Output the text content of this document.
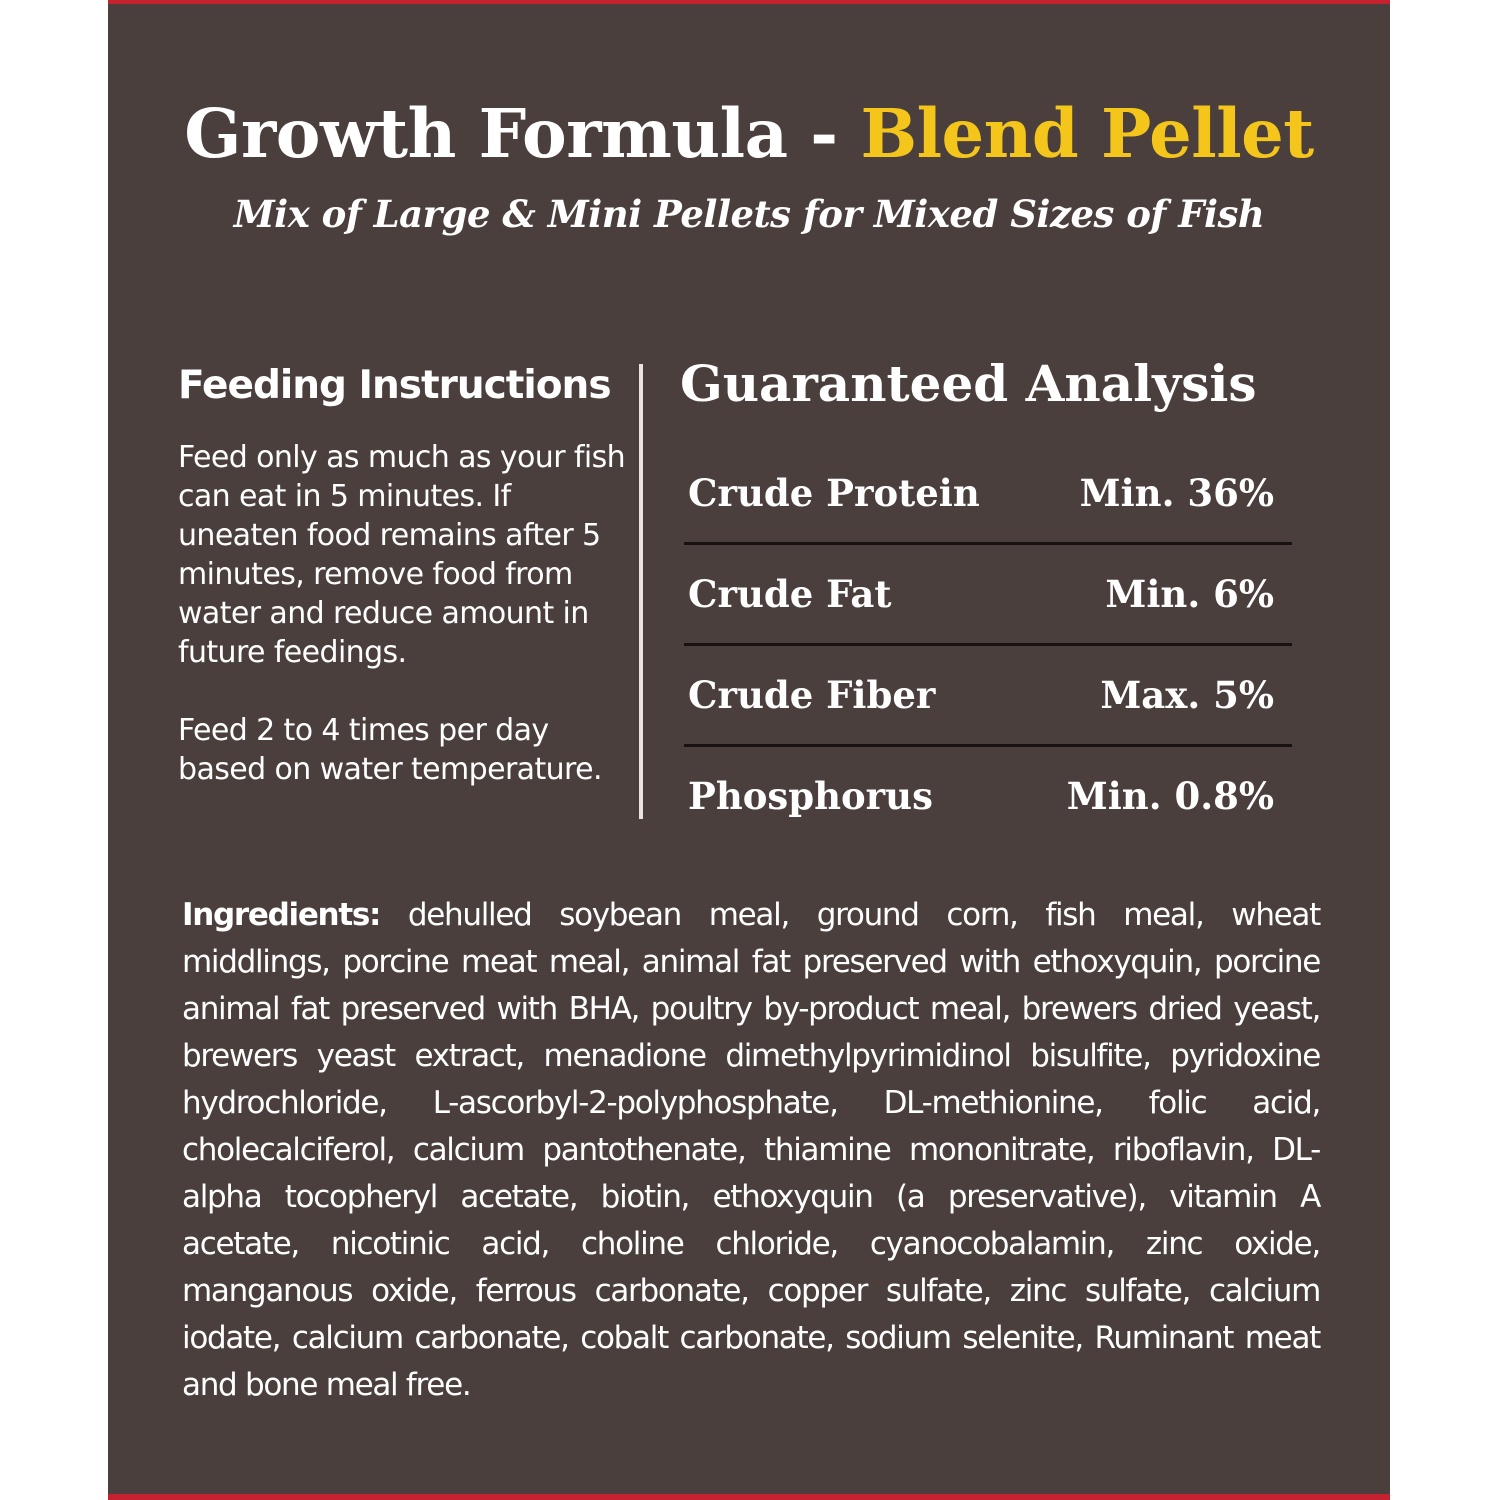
Growth Formula - Blend Pellet
Mix of Large & Mini Pellets for Mixed Sizes of Fish
Feeding Instructions

Feed only as much as your fish can eat in 5 minutes. If uneaten food remains after 5 minutes, remove food from water and reduce amount in future feedings.

Feed 2 to 4 times per day based on water temperature.

Guaranteed Analysis
Crude Protein	Min. 36%
Crude Fat	Min. 6%
Crude Fiber	Max. 5%
Phosphorus	Min. 0.8%

Ingredients: dehulled soybean meal, ground corn, fish meal, wheat middlings, porcine meat meal, animal fat preserved with ethoxyquin, porcine animal fat preserved with BHA, poultry by-product meal, brewers dried yeast, brewers yeast extract, menadione dimethylpyrimidinol bisulfite, pyridoxine hydrochloride, L-ascorbyl-2-polyphosphate, DL-methionine, folic acid, cholecalciferol, calcium pantothenate, thiamine mononitrate, riboflavin, DL-alpha tocopheryl acetate, biotin, ethoxyquin (a preservative), vitamin A acetate, nicotinic acid, choline chloride, cyanocobalamin, zinc oxide, manganous oxide, ferrous carbonate, copper sulfate, zinc sulfate, calcium iodate, calcium carbonate, cobalt carbonate, sodium selenite, Ruminant meat and bone meal free.
